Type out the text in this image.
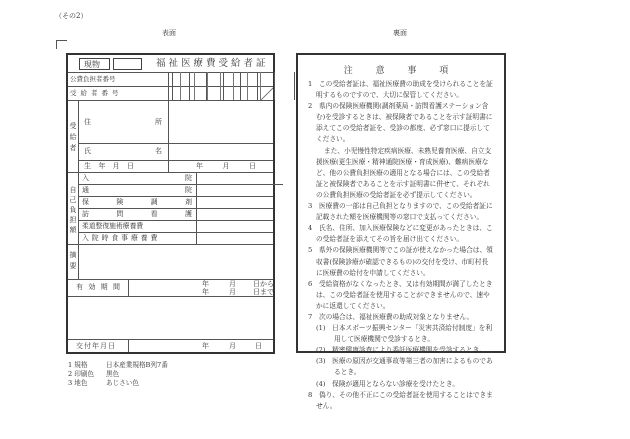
（その2）
表面	裏面
現物	福祉医療費受給者証
公費負担者番号
受給者番号
受給者
住	所
氏	名
生 年 月 日	年	月	日
自己負担額
入	院
通	院
保	険	調	剤
訪	問	看	護
柔道整復施術療養費
入院時食事療養費
摘要
有 効 期 間	年	月 日から
年	月 日まで
交付年月日	年	月	日
注 意 事 項

1　この受給者証は、福祉医療費の助成を受けられることを証明するものですので、大切に保管してください。

2　県内の保険医療機関(調剤薬局・訪問看護ステーション含む)を受診するときは、被保険者であることを示す証明書に添えてこの受給者証を、受診の都度、必ず窓口に提示してください。

また、小児慢性特定疾病医療、未熟児養育医療、自立支援医療(更生医療・精神通院医療・育成医療)、難病医療など、他の公費負担医療の適用となる場合には、この受給者証と被保険者であることを示す証明書に併せて、それぞれの公費負担医療の受給者証を必ず提示してください。

3　医療費の一部は自己負担となりますので、この受給者証に記載された額を医療機関等の窓口で支払ってください。

4　氏名、住所、加入医療保険などに変更があったときは、この受給者証を添えてその旨を届け出てください。

5　県外の保険医療機関等でこの証が使えなかった場合は、領収書(保険診療が確認できるもの)の交付を受け、市町村長に医療費の給付を申請してください。

6　受給資格がなくなったとき、又は有効期間が満了したときは、この受給者証を使用することができませんので、速やかに返還してください。

7　次の場合は、福祉医療費の助成対象となりません。

(1)　日本スポーツ振興センター「災害共済給付制度」を利用して医療機関で受診するとき。

(2)　精密健康診査により委託医療機関を受診するとき。

(3)　医療の原因が交通事故等第三者の加害によるものであるとき。

(4)　保険が適用とならない診療を受けたとき。

8　偽り、その他不正にこの受給者証を使用することはできません。

1 規格	日本産業規格B列7番
2 印刷色 黒色
3 地色	あじさい色
